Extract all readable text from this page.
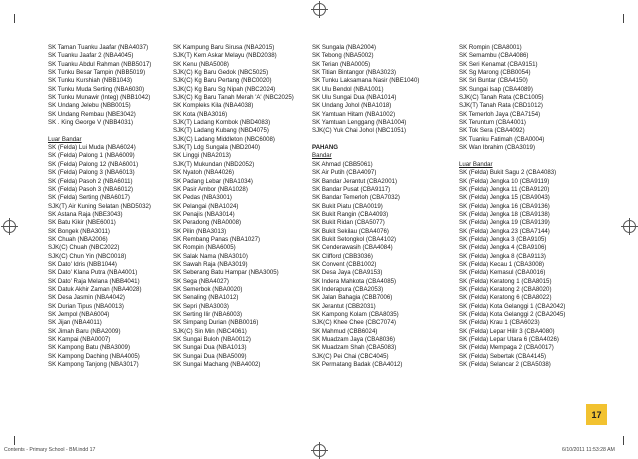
SK Taman Tuanku Jaafar (NBA4037)
SK Tuanku Jaafar 2 (NBA4045)
SK Tuanku Abdul Rahman (NBB5017)
SK Tunku Besar Tampin (NBB5019)
SK Tunku Kurshiah (NBB1043)
SK Tunku Muda Serting (NBA6030)
SK Tunku Munawir (Integ) (NBB1042)
SK Undang Jelebu (NBB0015)
SK Undang Rembau (NBE3042)
SK . King George V (NBB4031)
Luar Bandar
SK (Felda) Lui Muda (NBA6024)
SK (Felda) Palong 1 (NBA6009)
SK (Felda) Palong 12 (NBA6001)
SK (Felda) Palong 3 (NBA6013)
SK (Felda) Pasoh 2 (NBA6011)
SK (Felda) Pasoh 3 (NBA6012)
SK (Felda) Serting (NBA6017)
SJK(T) Air Kuning Selatan (NBD5032)
SK Astana Raja (NBE3043)
SK Batu Kikir (NBE6001)
SK Bongek (NBA3011)
SK Chuah (NBA2006)
SJK(C) Chuah (NBC2022)
SJK(C) Chun Yin (NBC0018)
SK Dato' Idris (NBB1044)
SK Dato' Klana Putra (NBA4001)
SK Dato' Raja Melana (NBB4041)
SK Datuk Akhir Zaman (NBA4028)
SK Desa Jasmin (NBA4042)
SK Durian Tipus (NBA0013)
SK Jempol (NBA6004)
SK Jijan (NBA4011)
SK Jimah Baru (NBA2009)
SK Kampai (NBA0007)
SK Kampong Batu (NBA3009)
SK Kampong Daching (NBA4005)
SK Kampong Tanjong (NBA3017)
SK Kampung Baru Sirusa (NBA2015)
SJK(T) Kem Askar Melayu (NBD2038)
SK Kenu (NBA5008)
SJK(C) Kg Baru Gedok (NBC5025)
SJK(C) Kg Baru Pertang (NBC0020)
SJK(C) Kg Baru Sg Nipah (NBC2024)
SJK(C) Kg Baru Tanah Merah 'A' (NBC2025)
SK Kompleks Kila (NBA4038)
SK Kota (NBA3016)
SJK(T) Ladang Kombok (NBD4083)
SJK(T) Ladang Kubang (NBD4075)
SJK(C) Ladang Middleton (NBC6008)
SJK(T) Ldg Sungala (NBD2040)
SK Linggi (NBA2013)
SJK(T) Mukundan (NBD2052)
SK Nyatoh (NBA4026)
SK Padang Lebar (NBA1034)
SK Pasir Ambor (NBA1028)
SK Pedas (NBA3001)
SK Pelangai (NBA1024)
SK Penajis (NBA3014)
SK Peradong (NBA0008)
SK Pilin (NBA3013)
SK Rembang Panas (NBA1027)
SK Rompin (NBA6005)
SK Salak Nama (NBA3010)
SK Sawah Raja (NBA3019)
SK Seberang Batu Hampar (NBA3005)
SK Sega (NBA4027)
SK Semerbok (NBA0020)
SK Senaling (NBA1012)
SK Sepri (NBA3003)
SK Serting Ilir (NBA6003)
SK Simpang Durian (NBB0016)
SJK(C) Sin Min (NBC4061)
SK Sungai Buloh (NBA0012)
SK Sungai Dua (NBA1013)
SK Sungai Dua (NBA5009)
SK Sungai Machang (NBA4002)
SK Sungala (NBA2004)
SK Tebong (NBA5002)
SK Terian (NBA0005)
SK Titian Bintangor (NBA3023)
SK Tunku Laksamana Nasir (NBE1040)
SK Ulu Bendol (NBA1001)
SK Ulu Sungai Dua (NBA1014)
SK Undang Johol (NBA1018)
SK Yamtuan Hitam (NBA1002)
SK Yamtuan Lenggang (NBA1004)
SJK(C) Yuk Chai Johol (NBC1051)
PAHANG
Bandar
SK Ahmad (CBB5061)
SK Air Putih (CBA4097)
SK Bandar Jerantut (CBA2001)
SK Bandar Pusat (CBA9117)
SK Bandar Temerloh (CBA7032)
SK Bukit Piatu (CBA0019)
SK Bukit Rangin (CBA4093)
SK Bukit Ridan (CBA5077)
SK Bukit Sekilau (CBA4076)
SK Bukit Setongkol (CBA4102)
SK Cenderawasih (CBA4084)
SK Clifford (CBB3036)
SK Convent (CBB1002)
SK Desa Jaya (CBA9153)
SK Indera Mahkota (CBA4085)
SK Inderapura (CBA2053)
SK Jalan Bahagia (CBB7006)
SK Jerantut (CBB2031)
SK Kampong Kolam (CBA8035)
SJK(C) Khee Chee (CBC7074)
SK Mahmud (CBB6024)
SK Muadzam Jaya (CBA8036)
SK Muadzam Shah (CBA5083)
SJK(C) Pei Chai (CBC4045)
SK Permatang Badak (CBA4012)
SK Rompin (CBA8001)
SK Semambu (CBA4086)
SK Seri Kenamat (CBA9151)
SK Sg Marong (CBB0054)
SK Sri Buntar (CBA4150)
SK Sungai Isap (CBA4089)
SJK(C) Tanah Rata (CBC1005)
SJK(T) Tanah Rata (CBD1012)
SK Temerloh Jaya (CBA7154)
SK Teruntum (CBA4001)
SK Tok Sera (CBA4092)
SK Tuanku Fatimah (CBA0004)
SK Wan Ibrahim (CBA3019)
Luar Bandar
SK (Felda) Bukit Sagu 2 (CBA4083)
SK (Felda) Jengka 10 (CBA9119)
SK (Felda) Jengka 11 (CBA9120)
SK (Felda) Jengka 15 (CBA9043)
SK (Felda) Jengka 16 (CBA9136)
SK (Felda) Jengka 18 (CBA9138)
SK (Felda) Jengka 19 (CBA9139)
SK (Felda) Jengka 23 (CBA7144)
SK (Felda) Jengka 3 (CBA9105)
SK (Felda) Jengka 4 (CBA9106)
SK (Felda) Jengka 8 (CBA9113)
SK (Felda) Kecau 1 (CBA3008)
SK (Felda) Kemasul (CBA0016)
SK (Felda) Keratong 1 (CBA8015)
SK (Felda) Keratong 2 (CBA8020)
SK (Felda) Keratong 6 (CBA8022)
SK (Felda) Kota Gelanggi 1 (CBA2042)
SK (Felda) Kota Gelanggi 2 (CBA2045)
SK (Felda) Krau 1 (CBA6023)
SK (Felda) Lepar Hilir 3 (CBA4080)
SK (Felda) Lepar Utara 6 (CBA4026)
SK (Felda) Mempaga 2 (CBA0017)
SK (Felda) Sebertak (CBA4145)
SK (Felda) Selancar 2 (CBA5038)
17
Contents - Primary School - BM.indd 17	6/10/2011 11:53:28 AM
